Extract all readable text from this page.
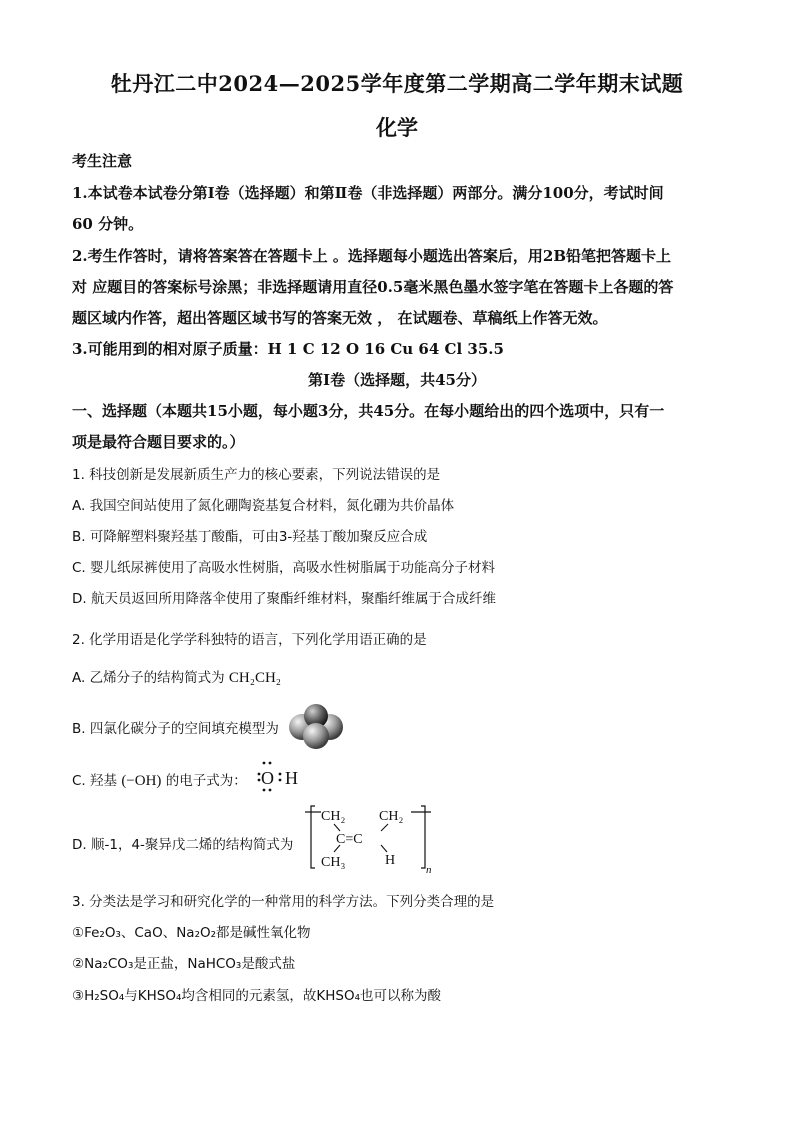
牡丹江二中2024—2025学年度第二学期高二学年期末试题
化学
考生注意
1.本试卷本试卷分第Ⅰ卷（选择题）和第Ⅱ卷（非选择题）两部分。满分100分，考试时间
60 分钟。
2.考生作答时，请将答案答在答题卡上 。选择题每小题选出答案后，用2B铅笔把答题卡上
对 应题目的答案标号涂黑；非选择题请用直径0.5毫米黑色墨水签字笔在答题卡上各题的答
题区域内作答，超出答题区域书写的答案无效 ， 在试题卷、草稿纸上作答无效。
3.可能用到的相对原子质量：H 1 C 12 O 16 Cu 64 Cl 35.5
第Ⅰ卷（选择题，共45分）
一、选择题（本题共15小题，每小题3分，共45分。在每小题给出的四个选项中，只有一
项是最符合题目要求的。）
1. 科技创新是发展新质生产力的核心要素，下列说法错误的是
A. 我国空间站使用了氮化硼陶瓷基复合材料，氮化硼为共价晶体
B. 可降解塑料聚羟基丁酸酯，可由3-羟基丁酸加聚反应合成
C. 婴儿纸尿裤使用了高吸水性树脂，高吸水性树脂属于功能高分子材料
D. 航天员返回所用降落伞使用了聚酯纤维材料，聚酯纤维属于合成纤维
2. 化学用语是化学学科独特的语言，下列化学用语正确的是
A. 乙烯分子的结构简式为 CH₂CH₂
B. 四氯化碳分子的空间填充模型为
C. 羟基 (−OH) 的电子式为： O H
D. 顺-1，4-聚异戊二烯的结构简式为
CH₂ CH₂
C=C
CH₃	H
n
3. 分类法是学习和研究化学的一种常用的科学方法。下列分类合理的是
①Fe₂O₃、CaO、Na₂O₂都是碱性氧化物
②Na₂CO₃是正盐，NaHCO₃是酸式盐
③H₂SO₄与KHSO₄均含相同的元素氢，故KHSO₄也可以称为酸
